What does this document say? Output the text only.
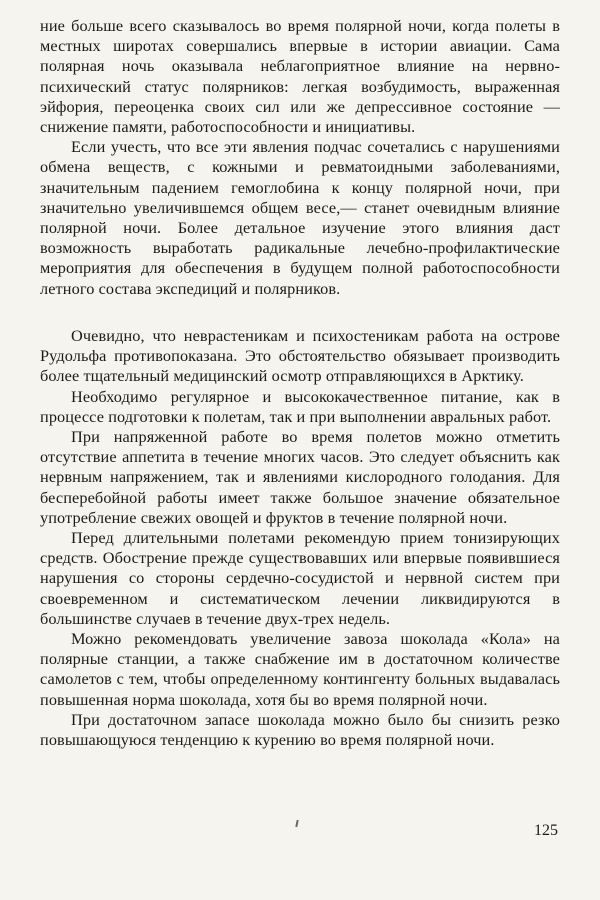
ние больше всего сказывалось во время полярной ночи, когда полеты в местных широтах совершались впервые в истории авиации. Сама полярная ночь оказывала неблагоприятное влияние на нервно-психический статус полярников: легкая возбудимость, выраженная эйфория, переоценка своих сил или же депрессивное состояние — снижение памяти, работоспособности и инициативы.

Если учесть, что все эти явления подчас сочетались с нарушениями обмена веществ, с кожными и ревматоидными заболеваниями, значительным падением гемоглобина к концу полярной ночи, при значительно увеличившемся общем весе,— станет очевидным влияние полярной ночи. Более детальное изучение этого влияния даст возможность выработать радикальные лечебно-профилактические мероприятия для обеспечения в будущем полной работоспособности летного состава экспедиций и полярников.

Очевидно, что неврастеникам и психостеникам работа на острове Рудольфа противопоказана. Это обстоятельство обязывает производить более тщательный медицинский осмотр отправляющихся в Арктику.

Необходимо регулярное и высококачественное питание, как в процессе подготовки к полетам, так и при выполнении авральных работ.

При напряженной работе во время полетов можно отметить отсутствие аппетита в течение многих часов. Это следует объяснить как нервным напряжением, так и явлениями кислородного голодания. Для бесперебойной работы имеет также большое значение обязательное употребление свежих овощей и фруктов в течение полярной ночи.

Перед длительными полетами рекомендую прием тонизирующих средств. Обострение прежде существовавших или впервые появившиеся нарушения со стороны сердечно-сосудистой и нервной систем при своевременном и систематическом лечении ликвидируются в большинстве случаев в течение двух-трех недель.

Можно рекомендовать увеличение завоза шоколада «Кола» на полярные станции, а также снабжение им в достаточном количестве самолетов с тем, чтобы определенному контингенту больных выдавалась повышенная норма шоколада, хотя бы во время полярной ночи.

При достаточном запасе шоколада можно было бы снизить резко повышающуюся тенденцию к курению во время полярной ночи.

125
